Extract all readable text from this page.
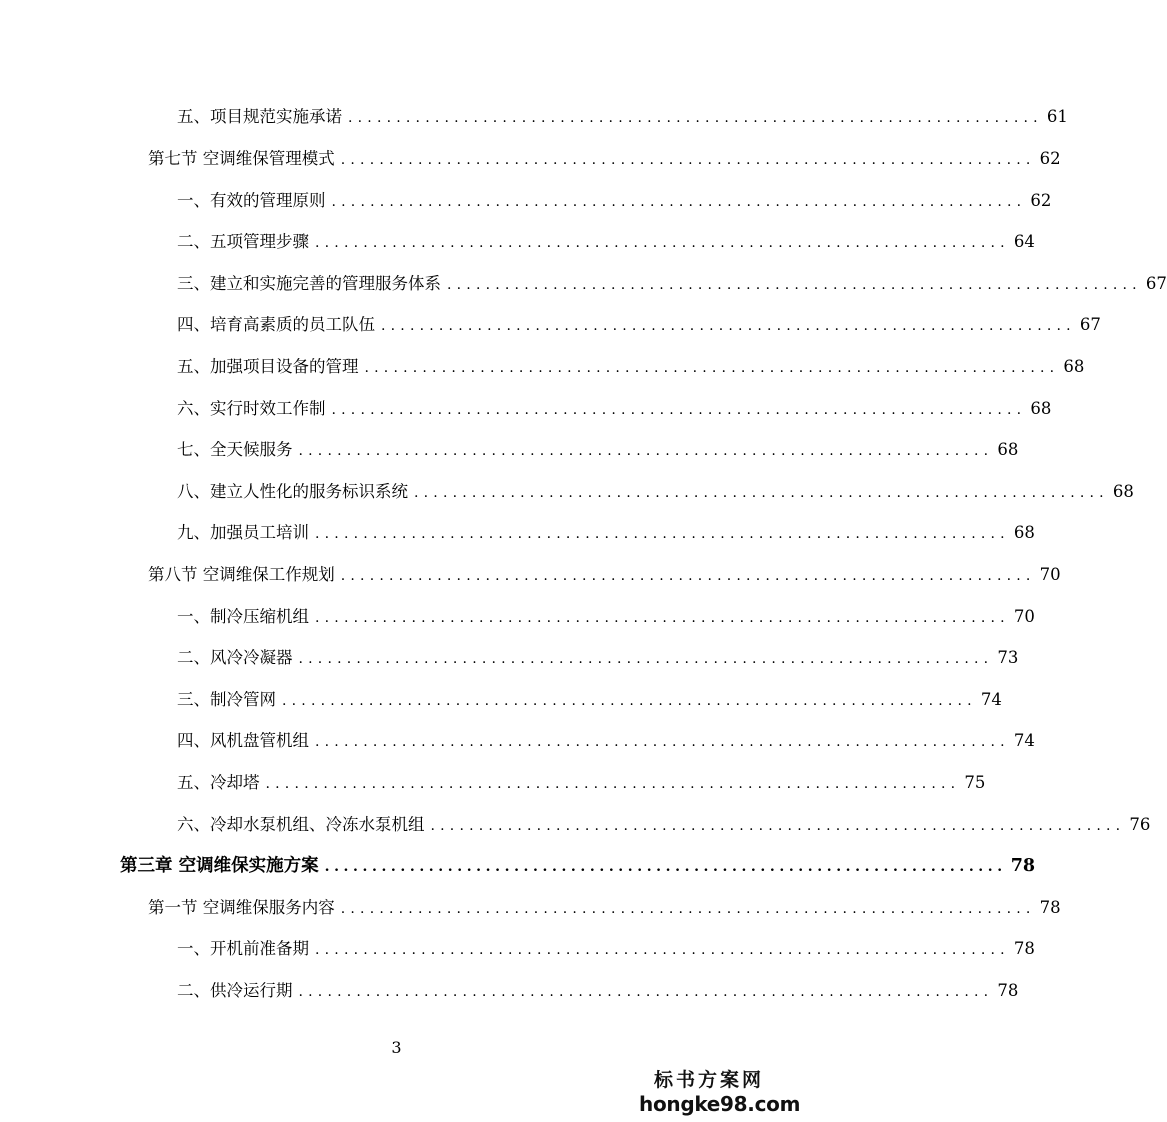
五、项目规范实施承诺 ........................................................................ 61
第七节 空调维保管理模式 ........................................................................ 62
一、有效的管理原则 ........................................................................ 62
二、五项管理步骤 ........................................................................ 64
三、建立和实施完善的管理服务体系 ........................................................................ 67
四、培育高素质的员工队伍 ........................................................................ 67
五、加强项目设备的管理 ........................................................................ 68
六、实行时效工作制 ........................................................................ 68
七、全天候服务 ........................................................................ 68
八、建立人性化的服务标识系统 ........................................................................ 68
九、加强员工培训 ........................................................................ 68
第八节 空调维保工作规划 ........................................................................ 70
一、制冷压缩机组 ........................................................................ 70
二、风冷冷凝器 ........................................................................ 73
三、制冷管网 ........................................................................ 74
四、风机盘管机组 ........................................................................ 74
五、冷却塔 ........................................................................ 75
六、冷却水泵机组、冷冻水泵机组 ........................................................................ 76
第三章 空调维保实施方案 ........................................................................ 78
第一节 空调维保服务内容 ........................................................................ 78
一、开机前准备期 ........................................................................ 78
二、供冷运行期 ........................................................................ 78
3
标书方案网
hongke98.com
